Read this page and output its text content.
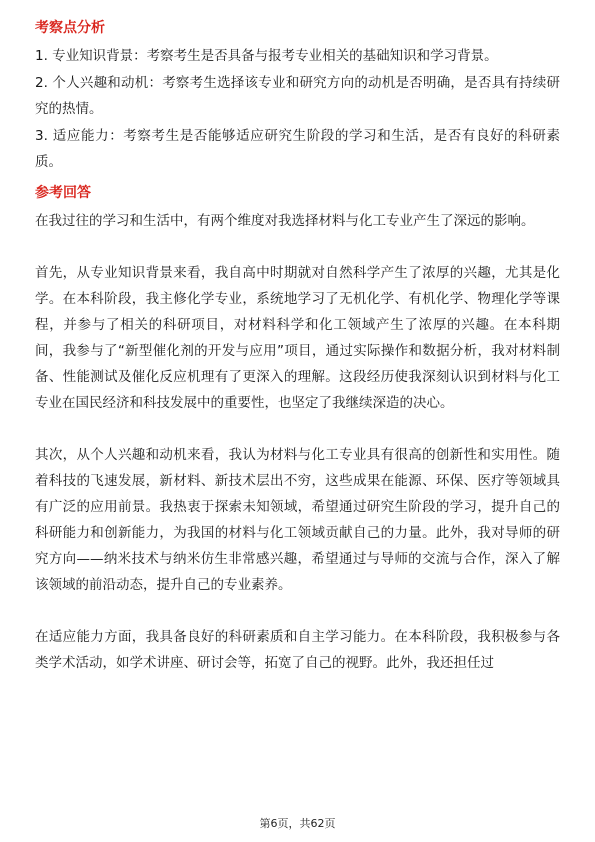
考察点分析

1. 专业知识背景：考察考生是否具备与报考专业相关的基础知识和学习背景。

2. 个人兴趣和动机：考察考生选择该专业和研究方向的动机是否明确，是否具有持续研究的热情。

3. 适应能力：考察考生是否能够适应研究生阶段的学习和生活，是否有良好的科研素质。

参考回答

在我过往的学习和生活中，有两个维度对我选择材料与化工专业产生了深远的影响。

首先，从专业知识背景来看，我自高中时期就对自然科学产生了浓厚的兴趣，尤其是化学。在本科阶段，我主修化学专业，系统地学习了无机化学、有机化学、物理化学等课程，并参与了相关的科研项目，对材料科学和化工领域产生了浓厚的兴趣。在本科期间，我参与了“新型催化剂的开发与应用”项目，通过实际操作和数据分析，我对材料制备、性能测试及催化反应机理有了更深入的理解。这段经历使我深刻认识到材料与化工专业在国民经济和科技发展中的重要性，也坚定了我继续深造的决心。

其次，从个人兴趣和动机来看，我认为材料与化工专业具有很高的创新性和实用性。随着科技的飞速发展，新材料、新技术层出不穷，这些成果在能源、环保、医疗等领域具有广泛的应用前景。我热衷于探索未知领域，希望通过研究生阶段的学习，提升自己的科研能力和创新能力，为我国的材料与化工领域贡献自己的力量。此外，我对导师的研究方向——纳米技术与纳米仿生非常感兴趣，希望通过与导师的交流与合作，深入了解该领域的前沿动态，提升自己的专业素养。

在适应能力方面，我具备良好的科研素质和自主学习能力。在本科阶段，我积极参与各类学术活动，如学术讲座、研讨会等，拓宽了自己的视野。此外，我还担任过

第6页，共62页
